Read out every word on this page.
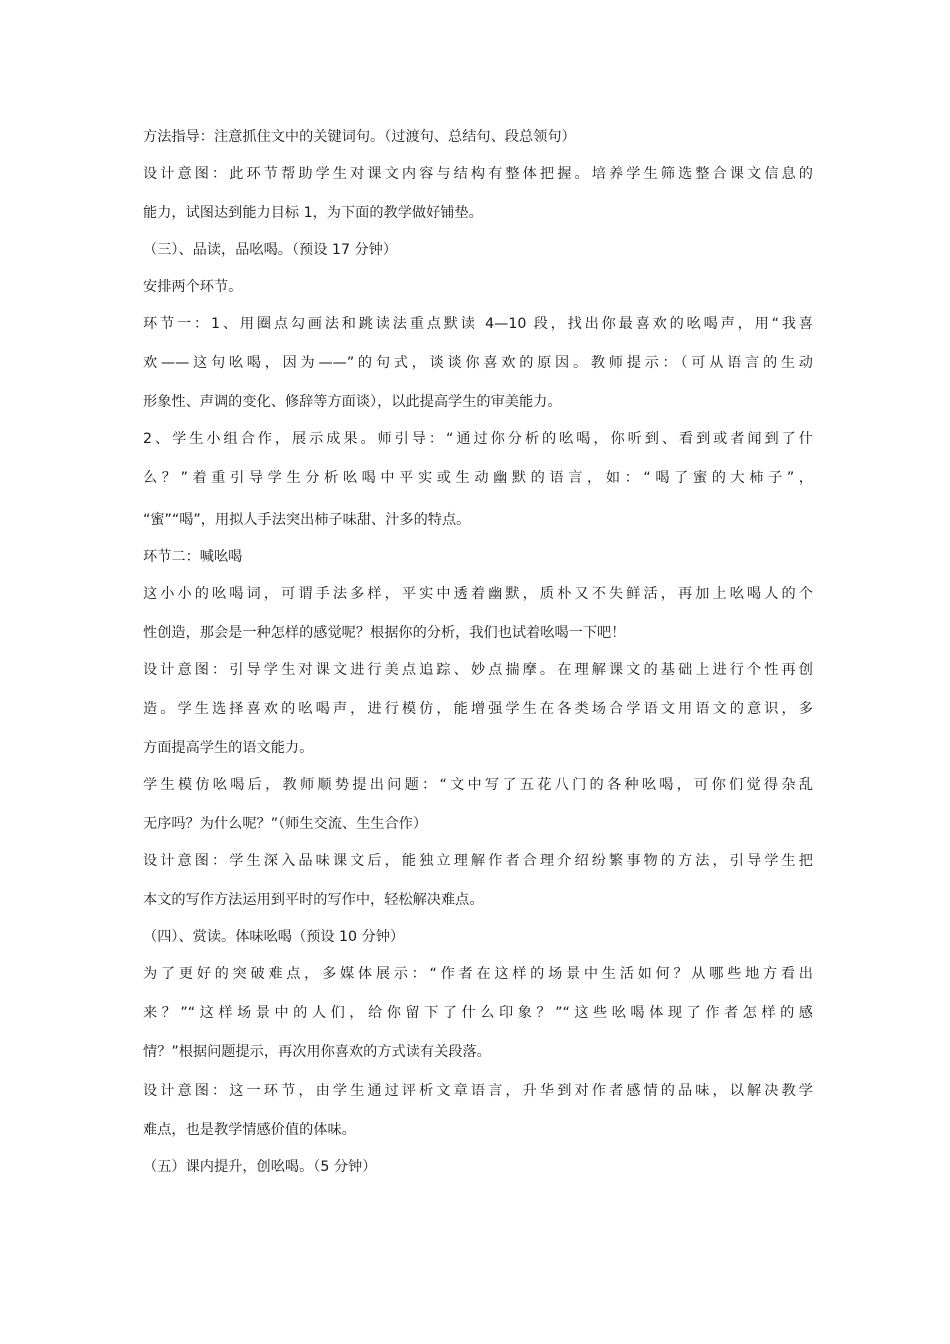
方法指导：注意抓住文中的关键词句。（过渡句、总结句、段总领句）
设计意图：此环节帮助学生对课文内容与结构有整体把握。培养学生筛选整合课文信息的
能力，试图达到能力目标 1，为下面的教学做好铺垫。
（三）、品读，品吆喝。（预设 17 分钟）
安排两个环节。
环节一：1、用圈点勾画法和跳读法重点默读 4—10 段，找出你最喜欢的吆喝声，用“我喜
欢——这句吆喝，因为——”的句式，谈谈你喜欢的原因。教师提示：（可从语言的生动
形象性、声调的变化、修辞等方面谈），以此提高学生的审美能力。
2、学生小组合作，展示成果。师引导：“通过你分析的吆喝，你听到、看到或者闻到了什
么？”着重引导学生分析吆喝中平实或生动幽默的语言，如：“喝了蜜的大柿子”，
“蜜”“喝”，用拟人手法突出柿子味甜、汁多的特点。
环节二：喊吆喝
这小小的吆喝词，可谓手法多样，平实中透着幽默，质朴又不失鲜活，再加上吆喝人的个
性创造，那会是一种怎样的感觉呢？根据你的分析，我们也试着吆喝一下吧！
设计意图：引导学生对课文进行美点追踪、妙点揣摩。在理解课文的基础上进行个性再创
造。学生选择喜欢的吆喝声，进行模仿，能增强学生在各类场合学语文用语文的意识，多
方面提高学生的语文能力。
学生模仿吆喝后，教师顺势提出问题：“文中写了五花八门的各种吆喝，可你们觉得杂乱
无序吗？为什么呢？”（师生交流、生生合作）
设计意图：学生深入品味课文后，能独立理解作者合理介绍纷繁事物的方法，引导学生把
本文的写作方法运用到平时的写作中，轻松解决难点。
（四）、赏读。体味吆喝（预设 10 分钟）
为了更好的突破难点，多媒体展示：“作者在这样的场景中生活如何？从哪些地方看出
来？”“这样场景中的人们，给你留下了什么印象？”“这些吆喝体现了作者怎样的感
情？”根据问题提示，再次用你喜欢的方式读有关段落。
设计意图：这一环节，由学生通过评析文章语言，升华到对作者感情的品味，以解决教学
难点，也是教学情感价值的体味。
（五）课内提升，创吆喝。（5 分钟）
